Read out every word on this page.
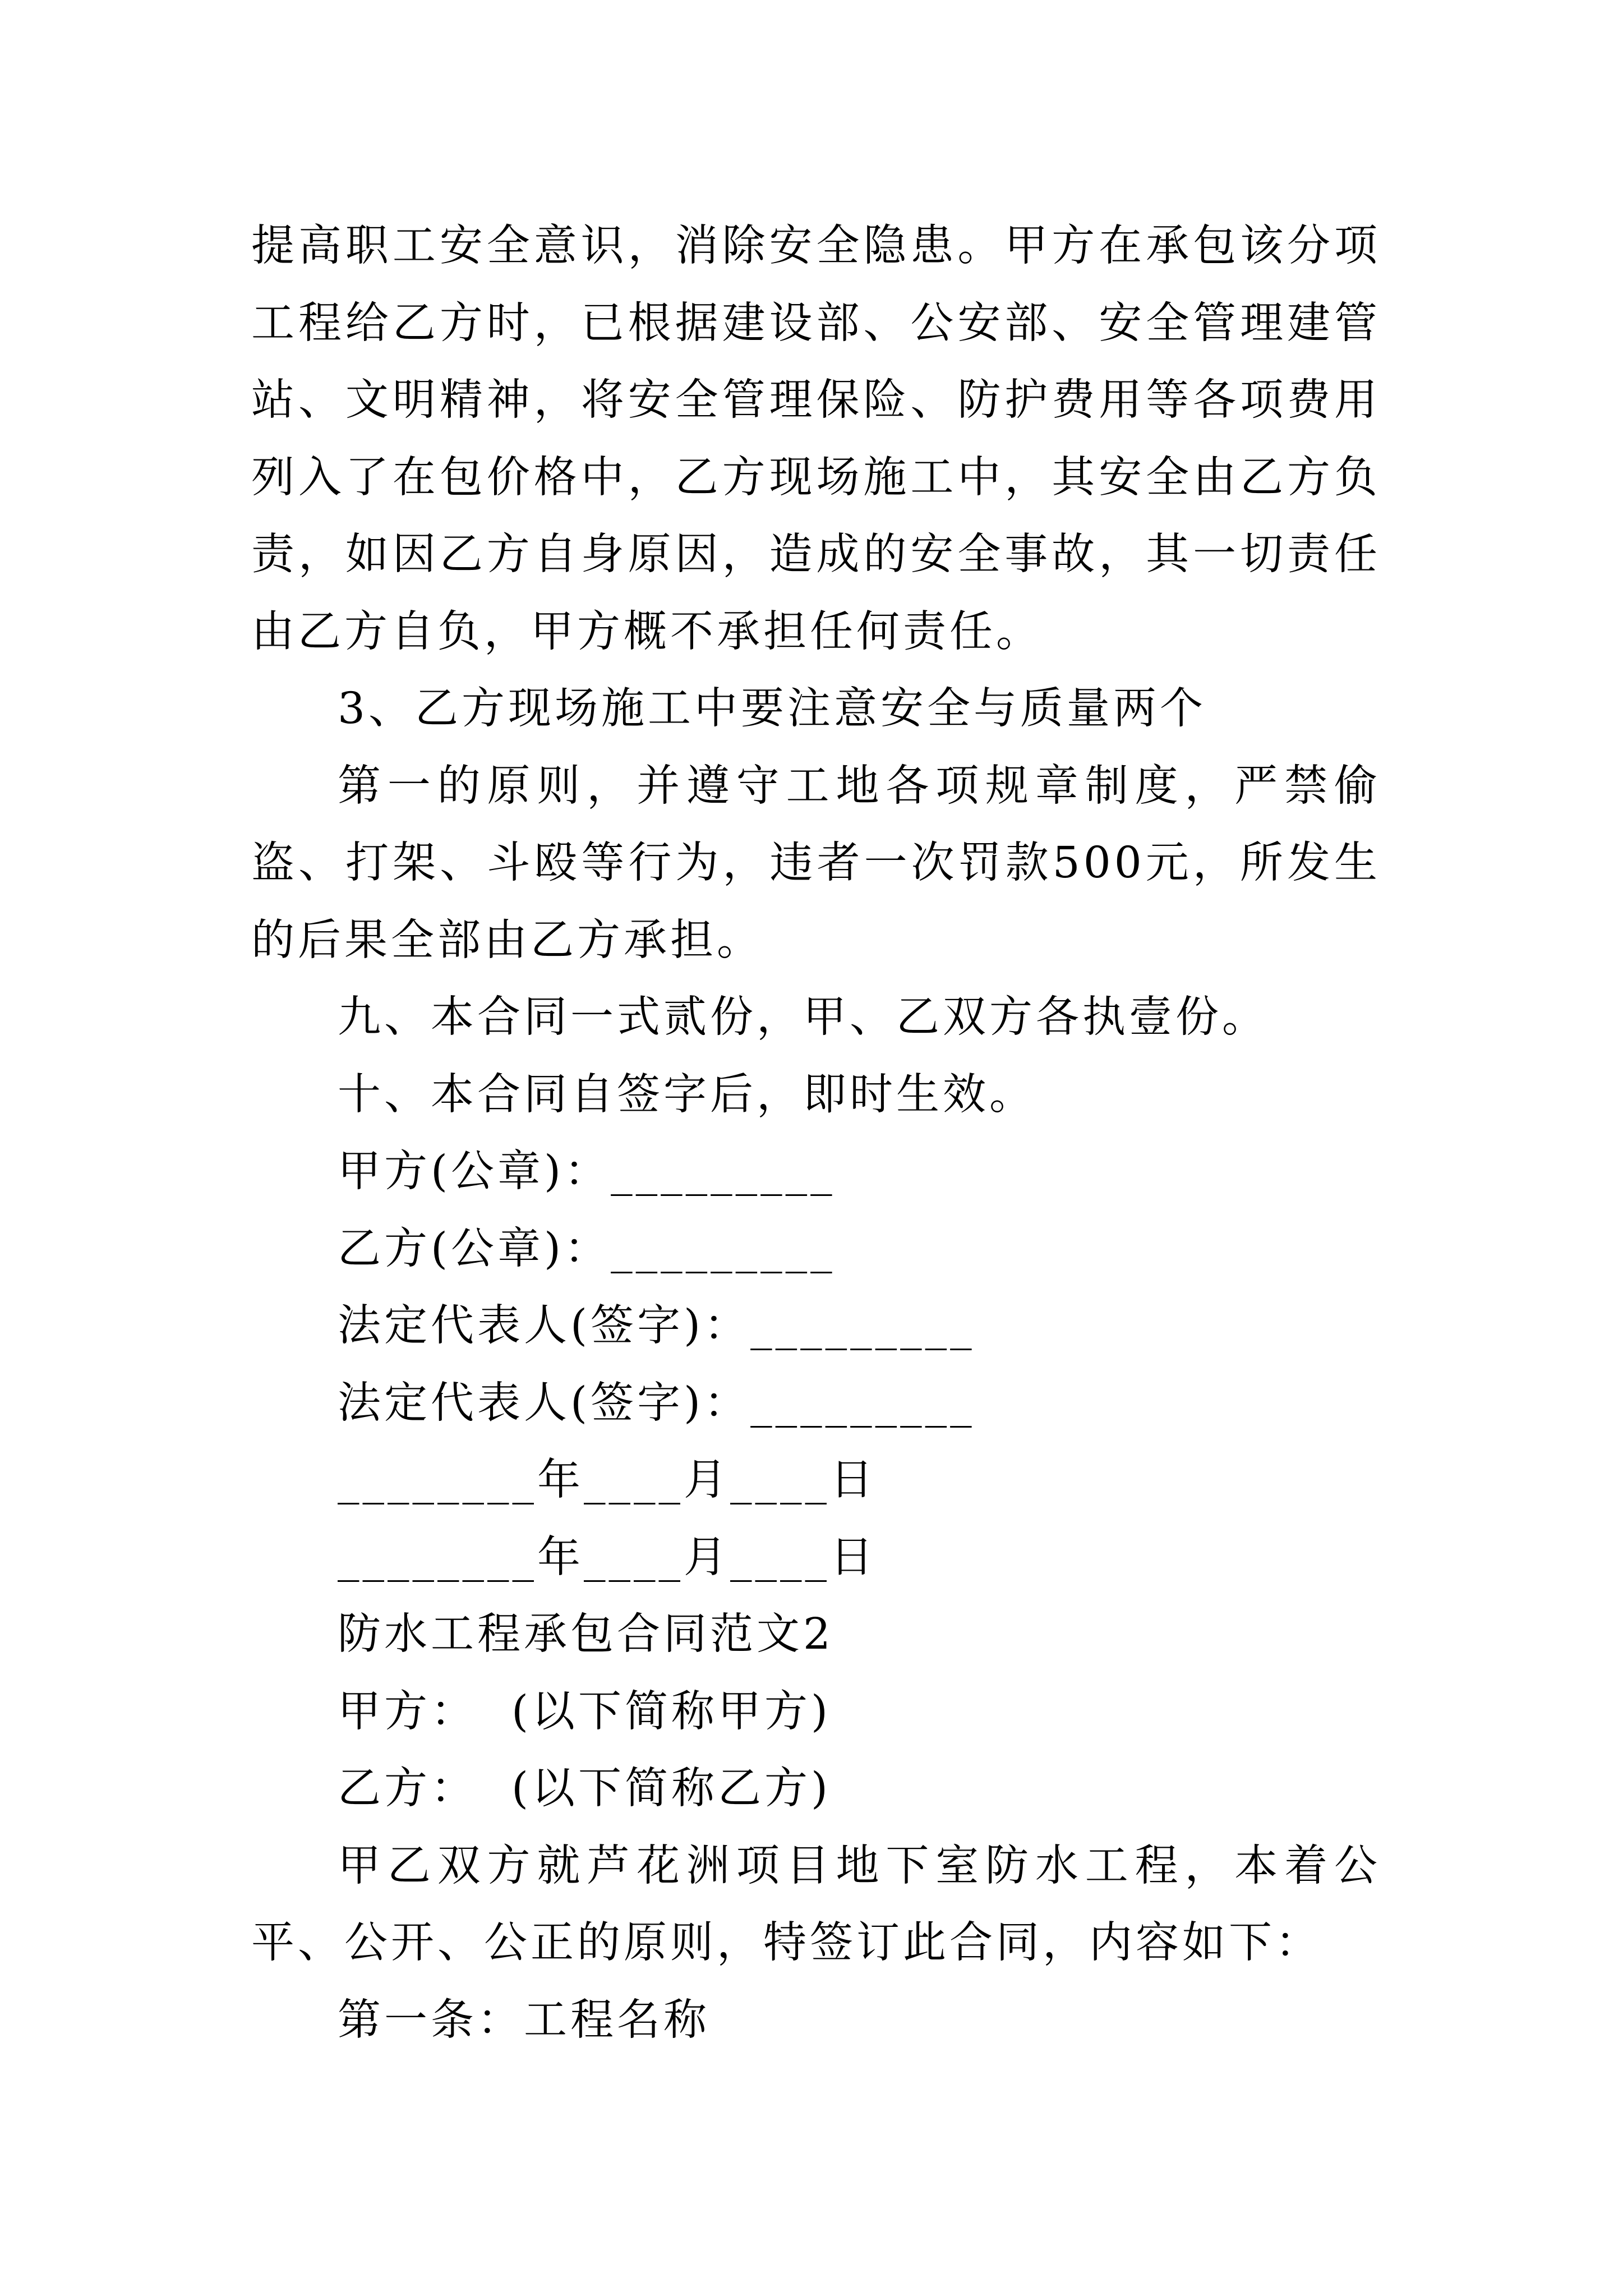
提高职工安全意识，消除安全隐患。甲方在承包该分项工程给乙方时，已根据建设部、公安部、安全管理建管站、文明精神，将安全管理保险、防护费用等各项费用列入了在包价格中，乙方现场施工中，其安全由乙方负责，如因乙方自身原因，造成的安全事故，其一切责任由乙方自负，甲方概不承担任何责任。

3、乙方现场施工中要注意安全与质量两个

第一的原则，并遵守工地各项规章制度，严禁偷盗、打架、斗殴等行为，违者一次罚款500元，所发生的后果全部由乙方承担。

九、本合同一式贰份，甲、乙双方各执壹份。

十、本合同自签字后，即时生效。

甲方(公章)：_________

乙方(公章)：_________

法定代表人(签字)：_________

法定代表人(签字)：_________

________年____月____日

________年____月____日

防水工程承包合同范文2

甲方：  (以下简称甲方)

乙方：  (以下简称乙方)

甲乙双方就芦花洲项目地下室防水工程，本着公平、公开、公正的原则，特签订此合同，内容如下：

第一条：工程名称
